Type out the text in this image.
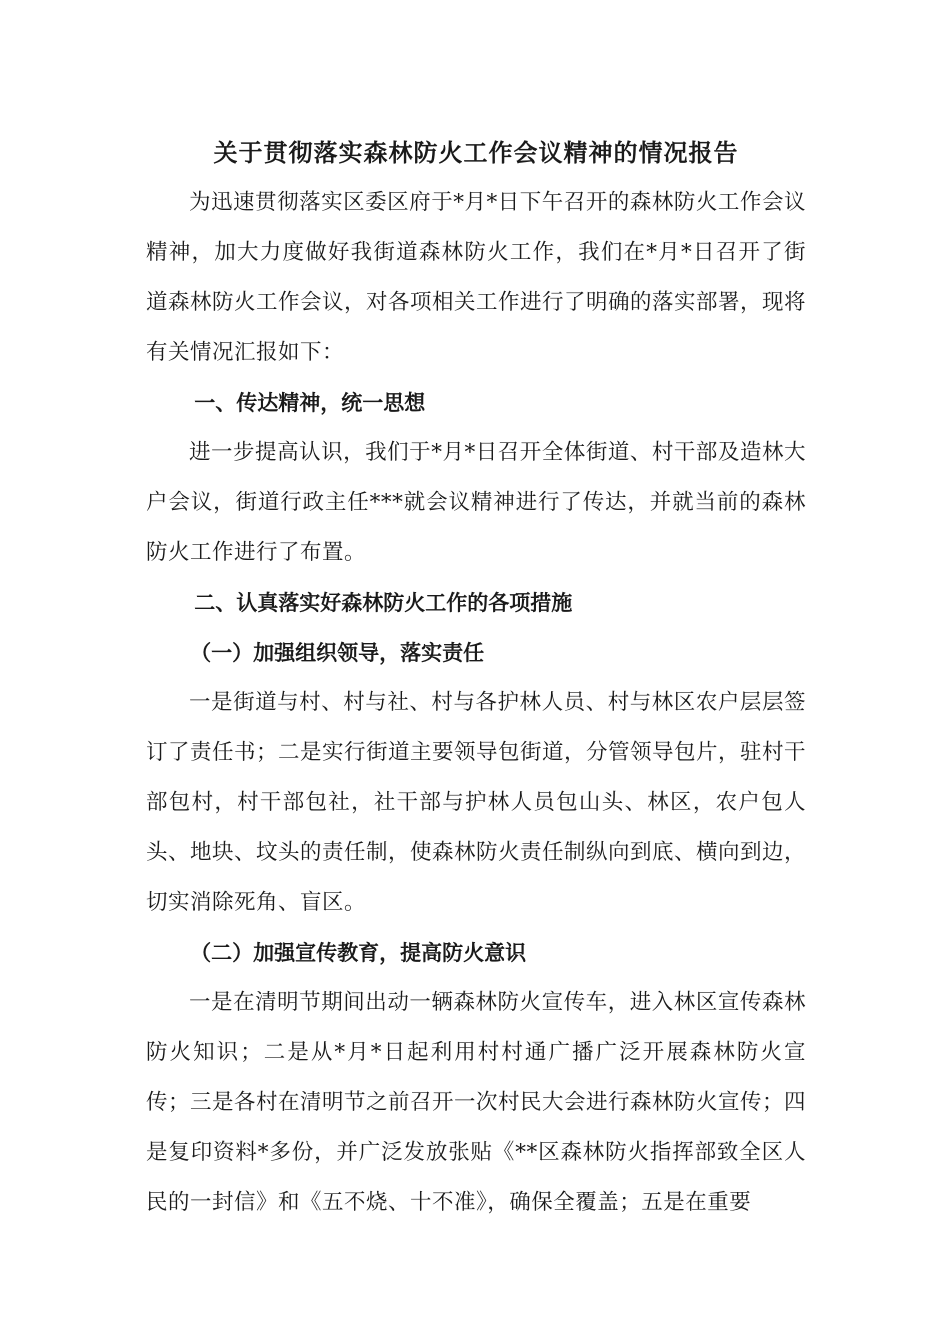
关于贯彻落实森林防火工作会议精神的情况报告

为迅速贯彻落实区委区府于*月*日下午召开的森林防火工作会议精神，加大力度做好我街道森林防火工作，我们在*月*日召开了街道森林防火工作会议，对各项相关工作进行了明确的落实部署，现将有关情况汇报如下：

一、传达精神，统一思想

进一步提高认识，我们于*月*日召开全体街道、村干部及造林大户会议，街道行政主任***就会议精神进行了传达，并就当前的森林防火工作进行了布置。

二、认真落实好森林防火工作的各项措施

（一）加强组织领导，落实责任

一是街道与村、村与社、村与各护林人员、村与林区农户层层签订了责任书；二是实行街道主要领导包街道，分管领导包片，驻村干部包村，村干部包社，社干部与护林人员包山头、林区，农户包人头、地块、坟头的责任制，使森林防火责任制纵向到底、横向到边，切实消除死角、盲区。

（二）加强宣传教育，提高防火意识

一是在清明节期间出动一辆森林防火宣传车，进入林区宣传森林防火知识；二是从*月*日起利用村村通广播广泛开展森林防火宣传；三是各村在清明节之前召开一次村民大会进行森林防火宣传；四是复印资料*多份，并广泛发放张贴《**区森林防火指挥部致全区人民的一封信》和《五不烧、十不准》，确保全覆盖；五是在重要
